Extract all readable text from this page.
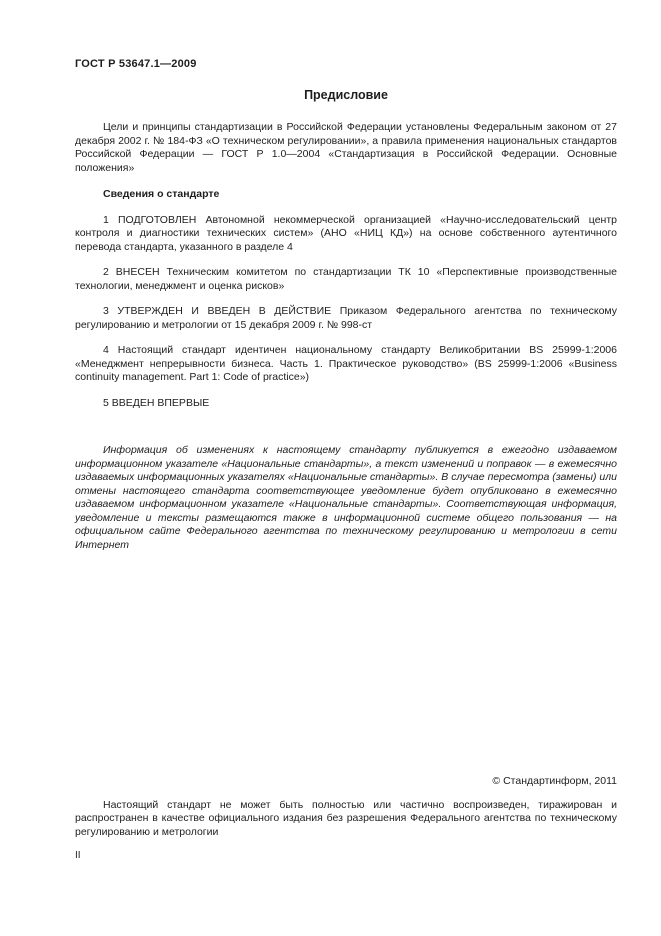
ГОСТ Р 53647.1—2009
Предисловие

Цели и принципы стандартизации в Российской Федерации установлены Федеральным законом от 27 декабря 2002 г. № 184-ФЗ «О техническом регулировании», а правила применения национальных стандартов Российской Федерации — ГОСТ Р 1.0—2004 «Стандартизация в Российской Федерации. Основные положения»

Сведения о стандарте

1 ПОДГОТОВЛЕН Автономной некоммерческой организацией «Научно-исследовательский центр контроля и диагностики технических систем» (АНО «НИЦ КД») на основе собственного аутентичного перевода стандарта, указанного в разделе 4

2 ВНЕСЕН Техническим комитетом по стандартизации ТК 10 «Перспективные производственные технологии, менеджмент и оценка рисков»

3 УТВЕРЖДЕН И ВВЕДЕН В ДЕЙСТВИЕ Приказом Федерального агентства по техническому регулированию и метрологии от 15 декабря 2009 г. № 998-ст

4 Настоящий стандарт идентичен национальному стандарту Великобритании BS 25999-1:2006 «Менеджмент непрерывности бизнеса. Часть 1. Практическое руководство» (BS 25999-1:2006 «Business continuity management. Part 1: Code of practice»)

5 ВВЕДЕН ВПЕРВЫЕ

Информация об изменениях к настоящему стандарту публикуется в ежегодно издаваемом информационном указателе «Национальные стандарты», а текст изменений и поправок — в ежемесячно издаваемых информационных указателях «Национальные стандарты». В случае пересмотра (замены) или отмены настоящего стандарта соответствующее уведомление будет опубликовано в ежемесячно издаваемом информационном указателе «Национальные стандарты». Соответствующая информация, уведомление и тексты размещаются также в информационной системе общего пользования — на официальном сайте Федерального агентства по техническому регулированию и метрологии в сети Интернет

© Стандартинформ, 2011

Настоящий стандарт не может быть полностью или частично воспроизведен, тиражирован и распространен в качестве официального издания без разрешения Федерального агентства по техническому регулированию и метрологии

II
